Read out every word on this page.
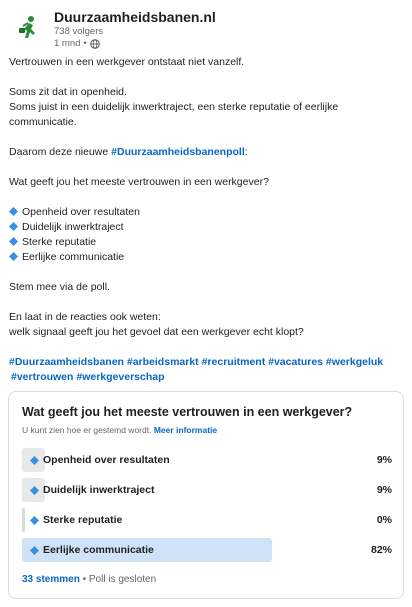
Duurzaamheidsbanen.nl
738 volgers
1 mnd •

Vertrouwen in een werkgever ontstaat niet vanzelf.

Soms zit dat in openheid.

Soms juist in een duidelijk inwerktraject, een sterke reputatie of eerlijke

communicatie.

Daarom deze nieuwe #Duurzaamheidsbanenpoll:

Wat geeft jou het meeste vertrouwen in een werkgever?

Openheid over resultaten

Duidelijk inwerktraject

Sterke reputatie

Eerlijke communicatie

Stem mee via de poll.

En laat in de reacties ook weten:

welk signaal geeft jou het gevoel dat een werkgever echt klopt?

#Duurzaamheidsbanen #arbeidsmarkt #recruitment #vacatures #werkgeluk

#vertrouwen #werkgeverschap

Wat geeft jou het meeste vertrouwen in een werkgever?
U kunt zien hoe er gestemd wordt. Meer informatie
Openheid over resultaten	9%
Duidelijk inwerktraject	9%
Sterke reputatie	0%
Eerlijke communicatie	82%
33 stemmen • Poll is gesloten
